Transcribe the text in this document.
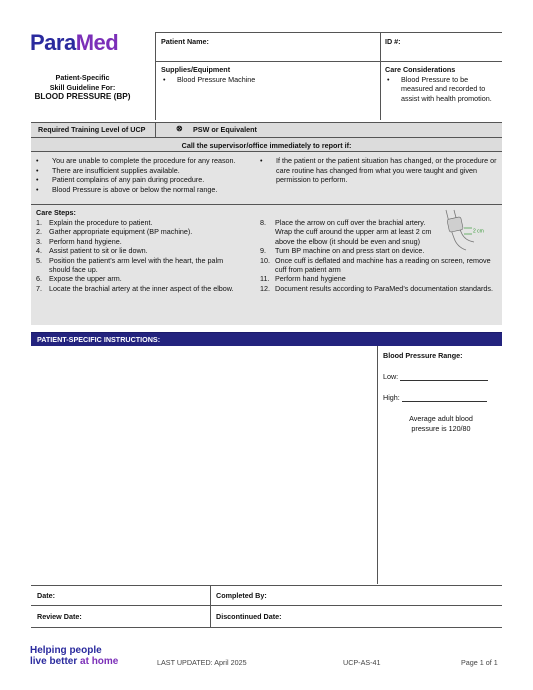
ParaMed
Patient-Specific
Skill Guideline For:
BLOOD PRESSURE (BP)
Patient Name:	ID #:
Supplies/Equipment
• Blood Pressure Machine
Care Considerations
• Blood Pressure to be measured and recorded to assist with health promotion.
Required Training Level of UCP	⊗ PSW or Equivalent
Call the supervisor/office immediately to report if:
• You are unable to complete the procedure for any reason.
• There are insufficient supplies available.
• Patient complains of any pain during procedure.
• Blood Pressure is above or below the normal range.
• If the patient or the patient situation has changed, or the procedure or care routine has changed from what you were taught and given permission to perform.
Care Steps:
1. Explain the procedure to patient.
2. Gather appropriate equipment (BP machine).
3. Perform hand hygiene.
4. Assist patient to sit or lie down.
5. Position the patient’s arm level with the heart, the palm should face up.
6. Expose the upper arm.
7. Locate the brachial artery at the inner aspect of the elbow.
8. Place the arrow on cuff over the brachial artery. Wrap the cuff around the upper arm at least 2 cm above the elbow (it should be even and snug)
9. Turn BP machine on and press start on device.
10. Once cuff is deflated and machine has a reading on screen, remove cuff from patient arm
11. Perform hand hygiene
12. Document results according to ParaMed’s documentation standards.
2 cm
PATIENT-SPECIFIC INSTRUCTIONS:
Blood Pressure Range:
Low:
High:
Average adult blood pressure is 120/80
Date:	Completed By:
Review Date:	Discontinued Date:
Helping people
live better at home	LAST UPDATED: April 2025	UCP-AS-41	Page 1 of 1
